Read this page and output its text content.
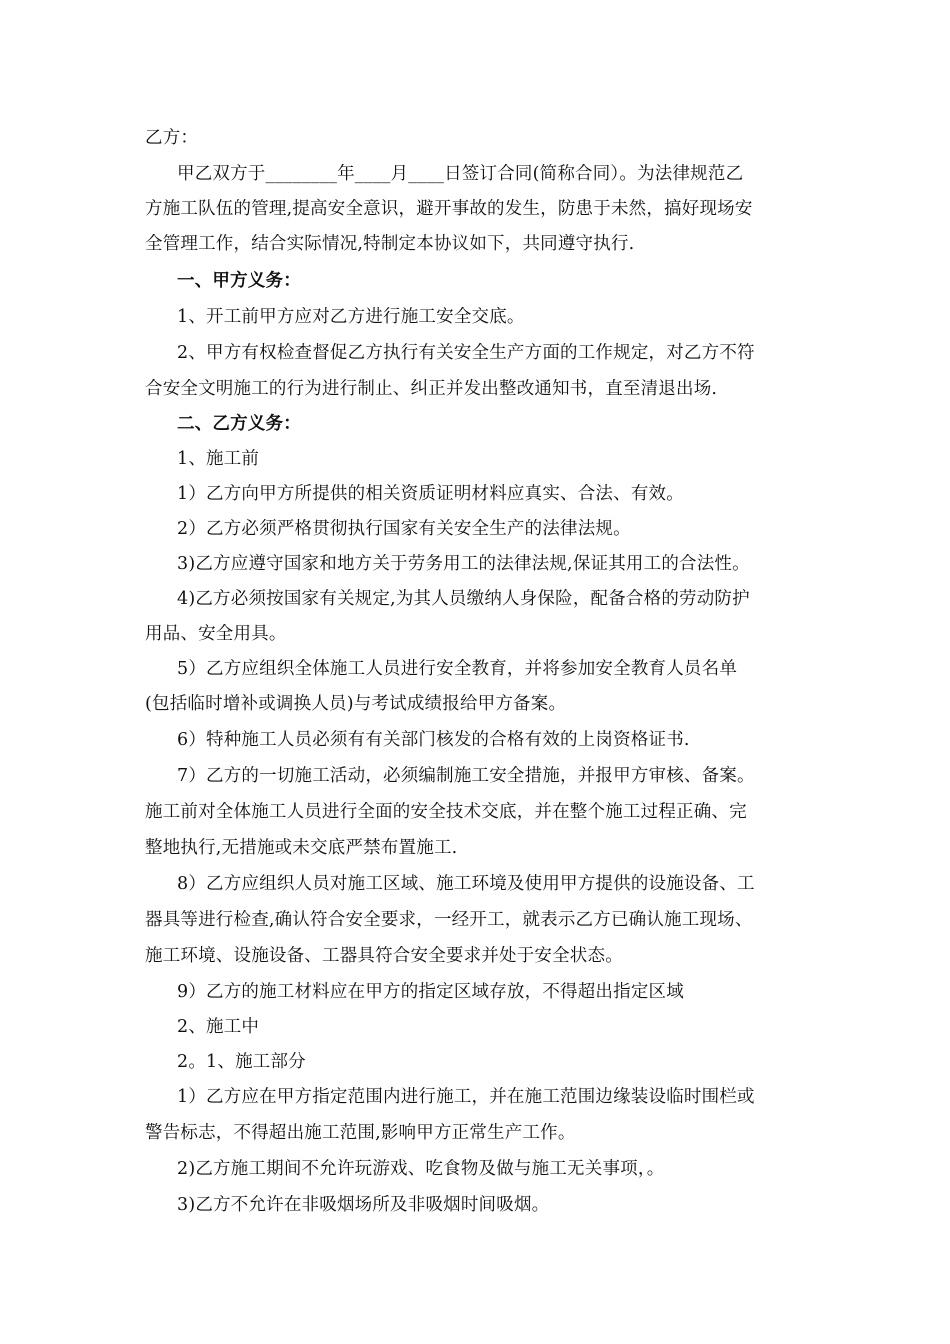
乙方：
甲乙双方于________年____月____日签订合同(简称合同）。为法律规范乙
方施工队伍的管理,提高安全意识，避开事故的发生，防患于未然，搞好现场安
全管理工作，结合实际情况,特制定本协议如下，共同遵守执行.
一、甲方义务：
1、开工前甲方应对乙方进行施工安全交底。
2、甲方有权检查督促乙方执行有关安全生产方面的工作规定，对乙方不符
合安全文明施工的行为进行制止、纠正并发出整改通知书，直至清退出场.
二、乙方义务：
1、施工前
1）乙方向甲方所提供的相关资质证明材料应真实、合法、有效。
2）乙方必须严格贯彻执行国家有关安全生产的法律法规。
3)乙方应遵守国家和地方关于劳务用工的法律法规,保证其用工的合法性。
4)乙方必须按国家有关规定,为其人员缴纳人身保险，配备合格的劳动防护
用品、安全用具。
5）乙方应组织全体施工人员进行安全教育，并将参加安全教育人员名单
(包括临时增补或调换人员)与考试成绩报给甲方备案。
6）特种施工人员必须有有关部门核发的合格有效的上岗资格证书.
7）乙方的一切施工活动，必须编制施工安全措施，并报甲方审核、备案。
施工前对全体施工人员进行全面的安全技术交底，并在整个施工过程正确、完
整地执行,无措施或未交底严禁布置施工.
8）乙方应组织人员对施工区域、施工环境及使用甲方提供的设施设备、工
器具等进行检查,确认符合安全要求，一经开工，就表示乙方已确认施工现场、
施工环境、设施设备、工器具符合安全要求并处于安全状态。
9）乙方的施工材料应在甲方的指定区域存放，不得超出指定区域
2、施工中
2。1、施工部分
1）乙方应在甲方指定范围内进行施工，并在施工范围边缘装设临时围栏或
警告标志，不得超出施工范围,影响甲方正常生产工作。
2)乙方施工期间不允许玩游戏、吃食物及做与施工无关事项，。
3)乙方不允许在非吸烟场所及非吸烟时间吸烟。
